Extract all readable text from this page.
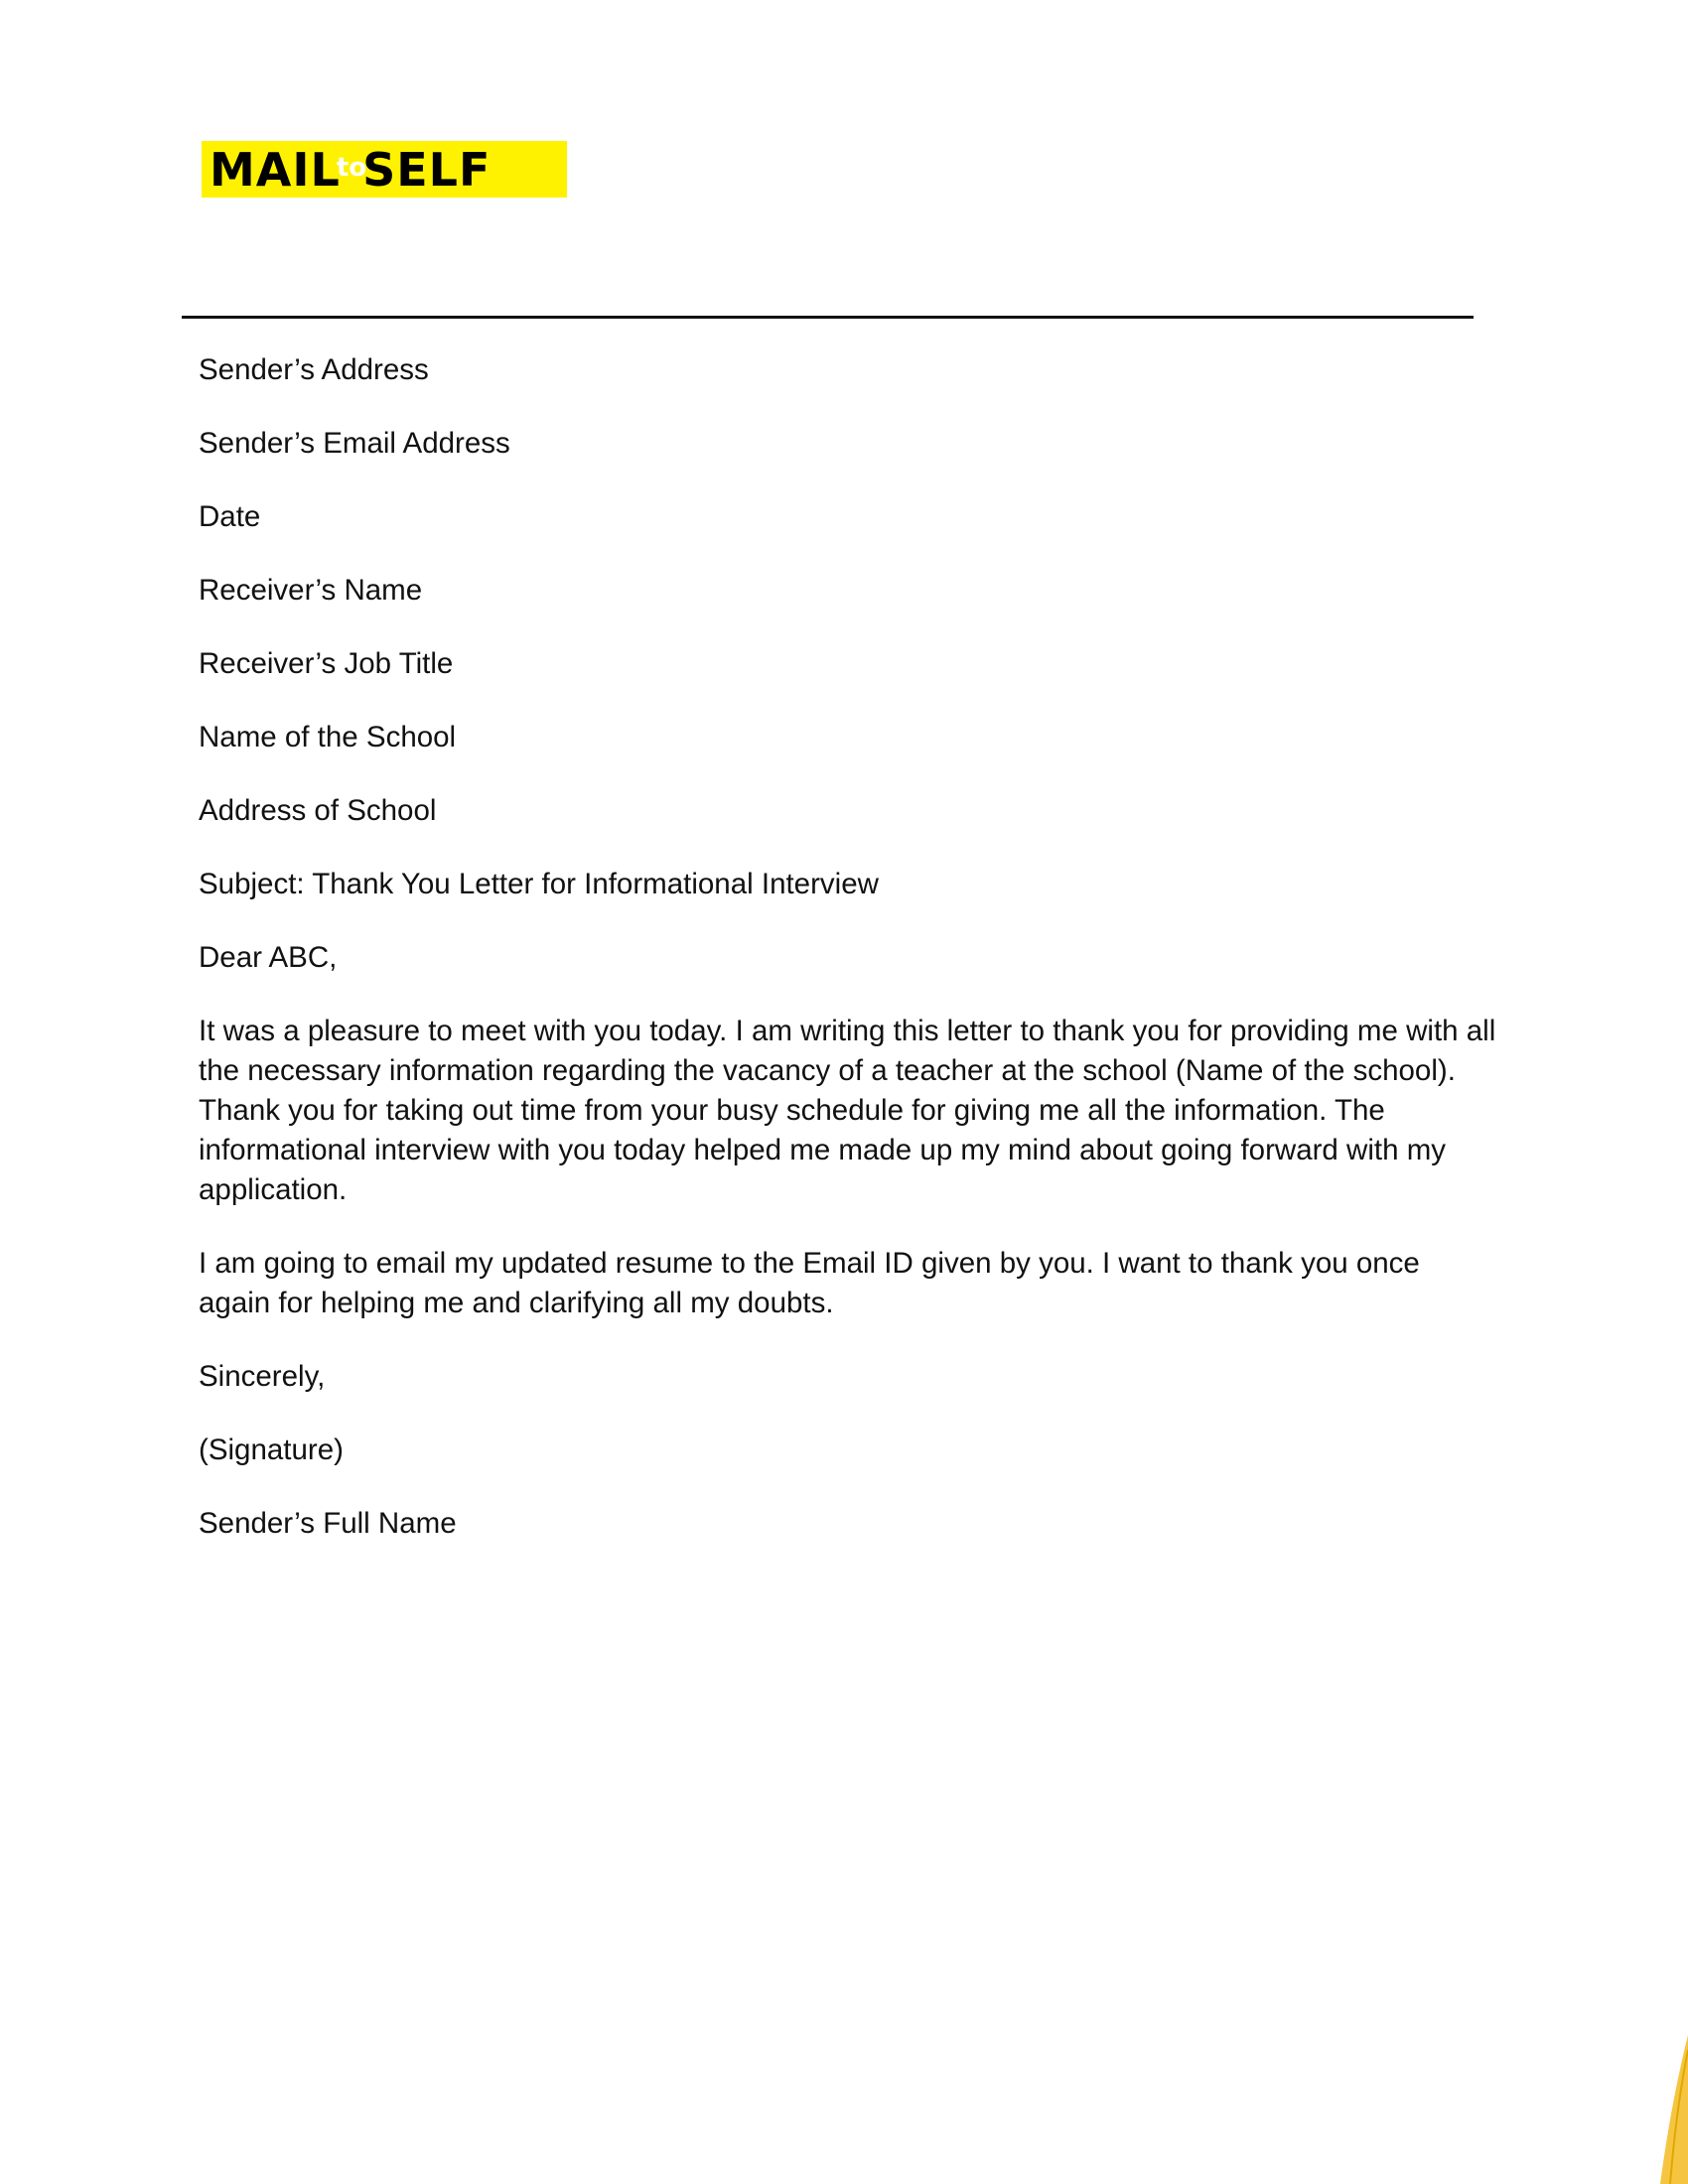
MAIL
to
SELF

Sender’s Address

Sender’s Email Address

Date

Receiver’s Name

Receiver’s Job Title

Name of the School

Address of School

Subject: Thank You Letter for Informational Interview

Dear ABC,

It was a pleasure to meet with you today. I am writing this letter to thank you for providing me with all the necessary information regarding the vacancy of a teacher at the school (Name of the school). Thank you for taking out time from your busy schedule for giving me all the information. The informational interview with you today helped me made up my mind about going forward with my application.

I am going to email my updated resume to the Email ID given by you. I want to thank you once again for helping me and clarifying all my doubts.

Sincerely,

(Signature)

Sender’s Full Name
